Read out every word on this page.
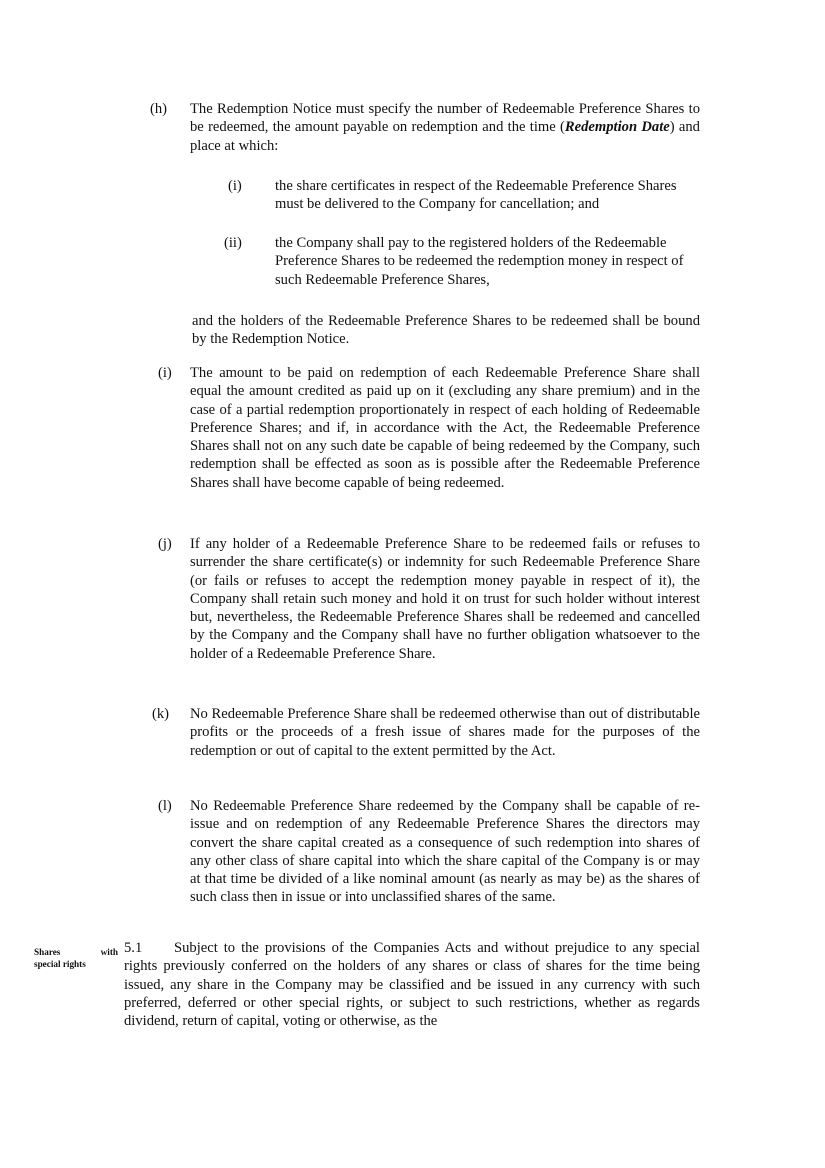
(h) The Redemption Notice must specify the number of Redeemable Preference Shares to be redeemed, the amount payable on redemption and the time (Redemption Date) and place at which:
(i) the share certificates in respect of the Redeemable Preference Shares must be delivered to the Company for cancellation; and
(ii) the Company shall pay to the registered holders of the Redeemable Preference Shares to be redeemed the redemption money in respect of such Redeemable Preference Shares,
and the holders of the Redeemable Preference Shares to be redeemed shall be bound by the Redemption Notice.
(i) The amount to be paid on redemption of each Redeemable Preference Share shall equal the amount credited as paid up on it (excluding any share premium) and in the case of a partial redemption proportionately in respect of each holding of Redeemable Preference Shares; and if, in accordance with the Act, the Redeemable Preference Shares shall not on any such date be capable of being redeemed by the Company, such redemption shall be effected as soon as is possible after the Redeemable Preference Shares shall have become capable of being redeemed.
(j) If any holder of a Redeemable Preference Share to be redeemed fails or refuses to surrender the share certificate(s) or indemnity for such Redeemable Preference Share (or fails or refuses to accept the redemption money payable in respect of it), the Company shall retain such money and hold it on trust for such holder without interest but, nevertheless, the Redeemable Preference Shares shall be redeemed and cancelled by the Company and the Company shall have no further obligation whatsoever to the holder of a Redeemable Preference Share.
(k) No Redeemable Preference Share shall be redeemed otherwise than out of distributable profits or the proceeds of a fresh issue of shares made for the purposes of the redemption or out of capital to the extent permitted by the Act.
(l) No Redeemable Preference Share redeemed by the Company shall be capable of re-issue and on redemption of any Redeemable Preference Shares the directors may convert the share capital created as a consequence of such redemption into shares of any other class of share capital into which the share capital of the Company is or may at that time be divided of a like nominal amount (as nearly as may be) as the shares of such class then in issue or into unclassified shares of the same.
Shares with
special rights
5.1	Subject to the provisions of the Companies Acts and without prejudice to any special rights previously conferred on the holders of any shares or class of shares for the time being issued, any share in the Company may be classified and be issued in any currency with such preferred, deferred or other special rights, or subject to such restrictions, whether as regards dividend, return of capital, voting or otherwise, as the
